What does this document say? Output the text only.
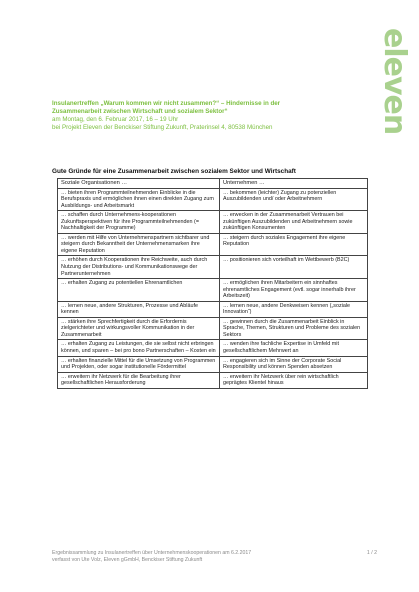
eleven
Insulanertreffen „Warum kommen wir nicht zusammen?“ – Hindernisse in der
Zusammenarbeit zwischen Wirtschaft und sozialem Sektor“
am Montag, den 6. Februar 2017, 16 – 19 Uhr
bei Projekt Eleven der Benckiser Stiftung Zukunft, Praterinsel 4, 80538 München
Gute Gründe für eine Zusammenarbeit zwischen sozialem Sektor und Wirtschaft
Soziale Organisationen …	Unternehmen …
… bieten ihren Programmteilnehmenden Einblicke in die Berufspraxis und ermöglichen ihnen einen direkten Zugang zum Ausbildungs- und Arbeitsmarkt	… bekommen (leichter) Zugang zu potenziellen Auszubildenden und/ oder Arbeitnehmern
… schaffen durch Unternehmens-kooperationen Zukunftsperspektiven für ihre Programmteilnehmenden (= Nachhaltigkeit der Programme)	… erwecken in der Zusammenarbeit Vertrauen bei zukünftigen Auszubildenden und Arbeitnehmern sowie zukünftigen Konsumenten
… werden mit Hilfe von Unternehmenspartnern sichtbarer und steigern durch Bekanntheit der Unternehmensmarken ihre eigene Reputation	… steigern durch soziales Engagement ihre eigene Reputation
… erhöhen durch Kooperationen ihre Reichweite, auch durch Nutzung der Distributions- und Kommunikationswege der Partnerunternehmen	… positionieren sich vorteilhaft im Wettbewerb (B2C)
… erhalten Zugang zu potentiellen Ehrenamtlichen	… ermöglichen ihren Mitarbeitern ein sinnhaftes ehrenamtliches Engagement (evtl. sogar innerhalb ihrer Arbeitszeit)
… lernen neue, andere Strukturen, Prozesse und Abläufe kennen	… lernen neue, andere Denkweisen kennen („soziale Innovation“)
… stärken ihre Sprechfertigkeit durch die Erfordernis zielgerichteter und wirkungsvoller Kommunikation in der Zusammenarbeit	… gewinnen durch die Zusammenarbeit Einblick in Sprache, Themen, Strukturen und Probleme des sozialen Sektors
… erhalten Zugang zu Leistungen, die sie selbst nicht erbringen können, und sparen – bei pro bono Partnerschaften – Kosten ein	… wenden ihre fachliche Expertise in Umfeld mit gesellschaftlichem Mehrwert an
… erhalten finanzielle Mittel für die Umsetzung von Programmen und Projekten, oder sogar institutionelle Fördermittel	… engagieren sich im Sinne der Corporate Social Responsibility und können Spenden absetzen
… erweitern ihr Netzwerk für die Bearbeitung ihrer gesellschaftlichen Herausforderung	… erweitern ihr Netzwerk über rein wirtschaftlich geprägtes Klientel hinaus
Ergebnissammlung zu Insulanertreffen über Unternehmenskooperationen am 6.2.2017
verfasst von Ute Volz, Eleven gGmbH, Benckiser Stiftung Zukunft
1 / 2
